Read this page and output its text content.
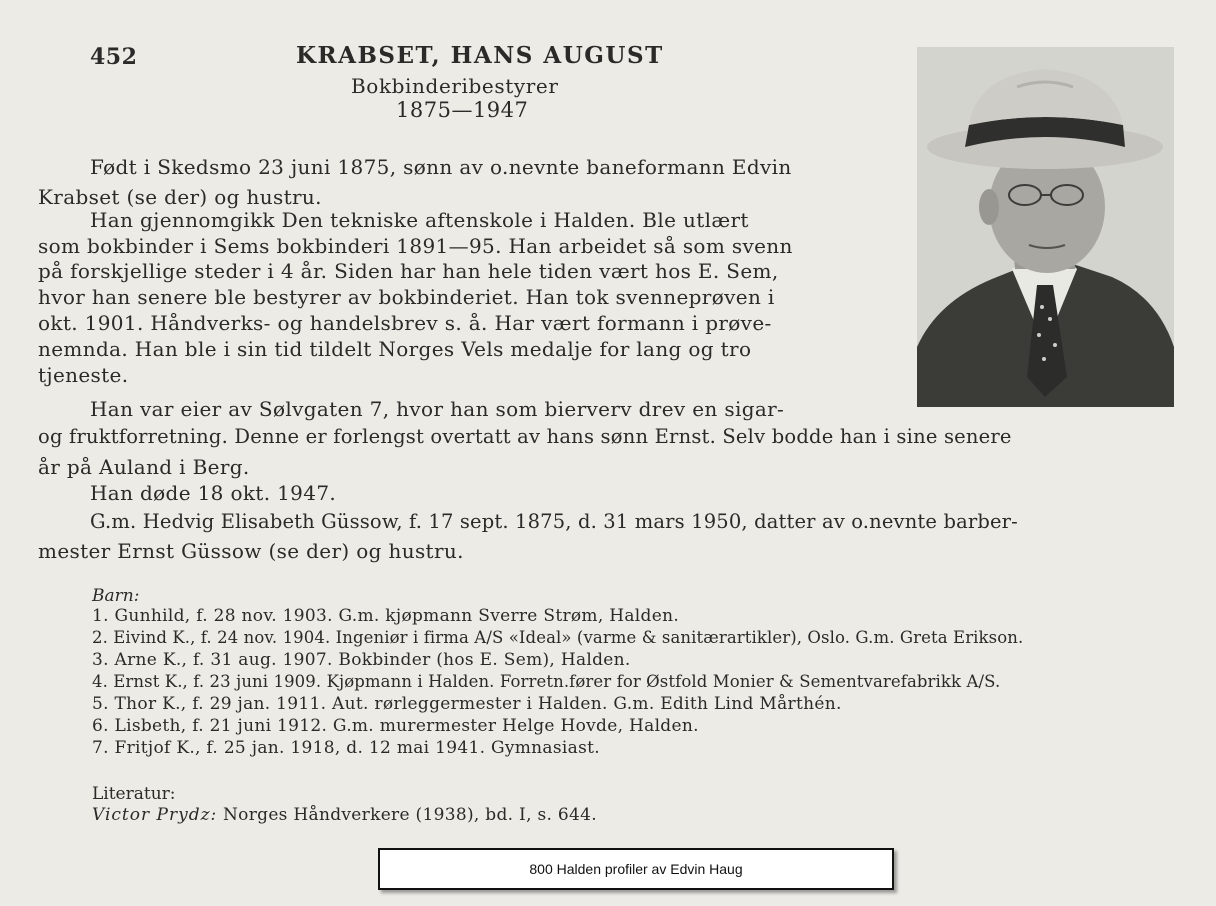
452	KRABSET, HANS AUGUST
Bokbinderibestyrer
1875—1947
Født i Skedsmo 23 juni 1875, sønn av o.nevnte baneformann Edvin
Krabset (se der) og hustru.
Han gjennomgikk Den tekniske aftenskole i Halden. Ble utlært
som bokbinder i Sems bokbinderi 1891—95. Han arbeidet så som svenn
på forskjellige steder i 4 år. Siden har han hele tiden vært hos E. Sem,
hvor han senere ble bestyrer av bokbinderiet. Han tok svenneprøven i
okt. 1901. Håndverks- og handelsbrev s. å. Har vært formann i prøve-
nemnda. Han ble i sin tid tildelt Norges Vels medalje for lang og tro
tjeneste.
Han var eier av Sølvgaten 7, hvor han som bierverv drev en sigar-
og fruktforretning. Denne er forlengst overtatt av hans sønn Ernst. Selv bodde han i sine senere
år på Auland i Berg.
Han døde 18 okt. 1947.
G.m. Hedvig Elisabeth Güssow, f. 17 sept. 1875, d. 31 mars 1950, datter av o.nevnte barber-
mester Ernst Güssow (se der) og hustru.
Barn:
1. Gunhild, f. 28 nov. 1903. G.m. kjøpmann Sverre Strøm, Halden.
2. Eivind K., f. 24 nov. 1904. Ingeniør i firma A/S «Ideal» (varme & sanitærartikler), Oslo. G.m. Greta Erikson.
3. Arne K., f. 31 aug. 1907. Bokbinder (hos E. Sem), Halden.
4. Ernst K., f. 23 juni 1909. Kjøpmann i Halden. Forretn.fører for Østfold Monier & Sementvarefabrikk A/S.
5. Thor K., f. 29 jan. 1911. Aut. rørleggermester i Halden. G.m. Edith Lind Mårthén.
6. Lisbeth, f. 21 juni 1912. G.m. murermester Helge Hovde, Halden.
7. Fritjof K., f. 25 jan. 1918, d. 12 mai 1941. Gymnasiast.
Literatur:
Victor Prydz: Norges Håndverkere (1938), bd. I, s. 644.
800 Halden profiler av Edvin Haug
